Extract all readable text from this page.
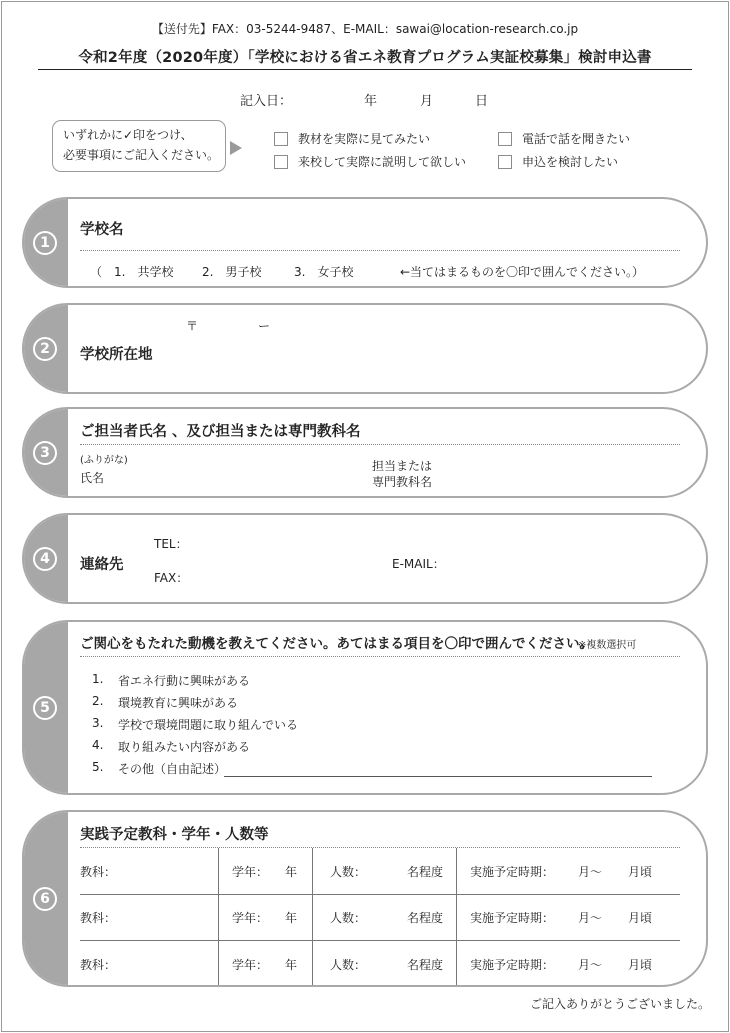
【送付先】FAX：03-5244-9487、E-MAIL：sawai@location-research.co.jp
令和2年度（2020年度）「学校における省エネ教育プログラム実証校募集」検討申込書
記入日：	年	月	日
いずれかに✓印をつけ、
必要事項にご記入ください。
教材を実際に見てみたい	電話で話を聞きたい
来校して実際に説明して欲しい	申込を検討したい
1
学校名
（ 1.　共学校 2.　男子校	3.　女子校	←当てはまるものを〇印で囲んでください。）
2
〒	ー
学校所在地
3
ご担当者氏名 、及び担当または専門教科名
(ふりがな)
氏名
担当または
専門教科名
4	連絡先
TEL：
FAX：
E-MAIL：
5
ご関心をもたれた動機を教えてください。あてはまる項目を〇印で囲んでください。
※複数選択可
1. 省エネ行動に興味がある
2. 環境教育に興味がある
3. 学校で環境問題に取り組んでいる
4. 取り組みたい内容がある
5. その他（自由記述）
6
実践予定教科・学年・人数等
教科：	学年： 年	人数：	名程度 実施予定時期： 月〜 月頃
教科：	学年： 年	人数：	名程度 実施予定時期： 月〜 月頃
教科：	学年： 年	人数：	名程度 実施予定時期： 月〜 月頃
ご記入ありがとうございました。
